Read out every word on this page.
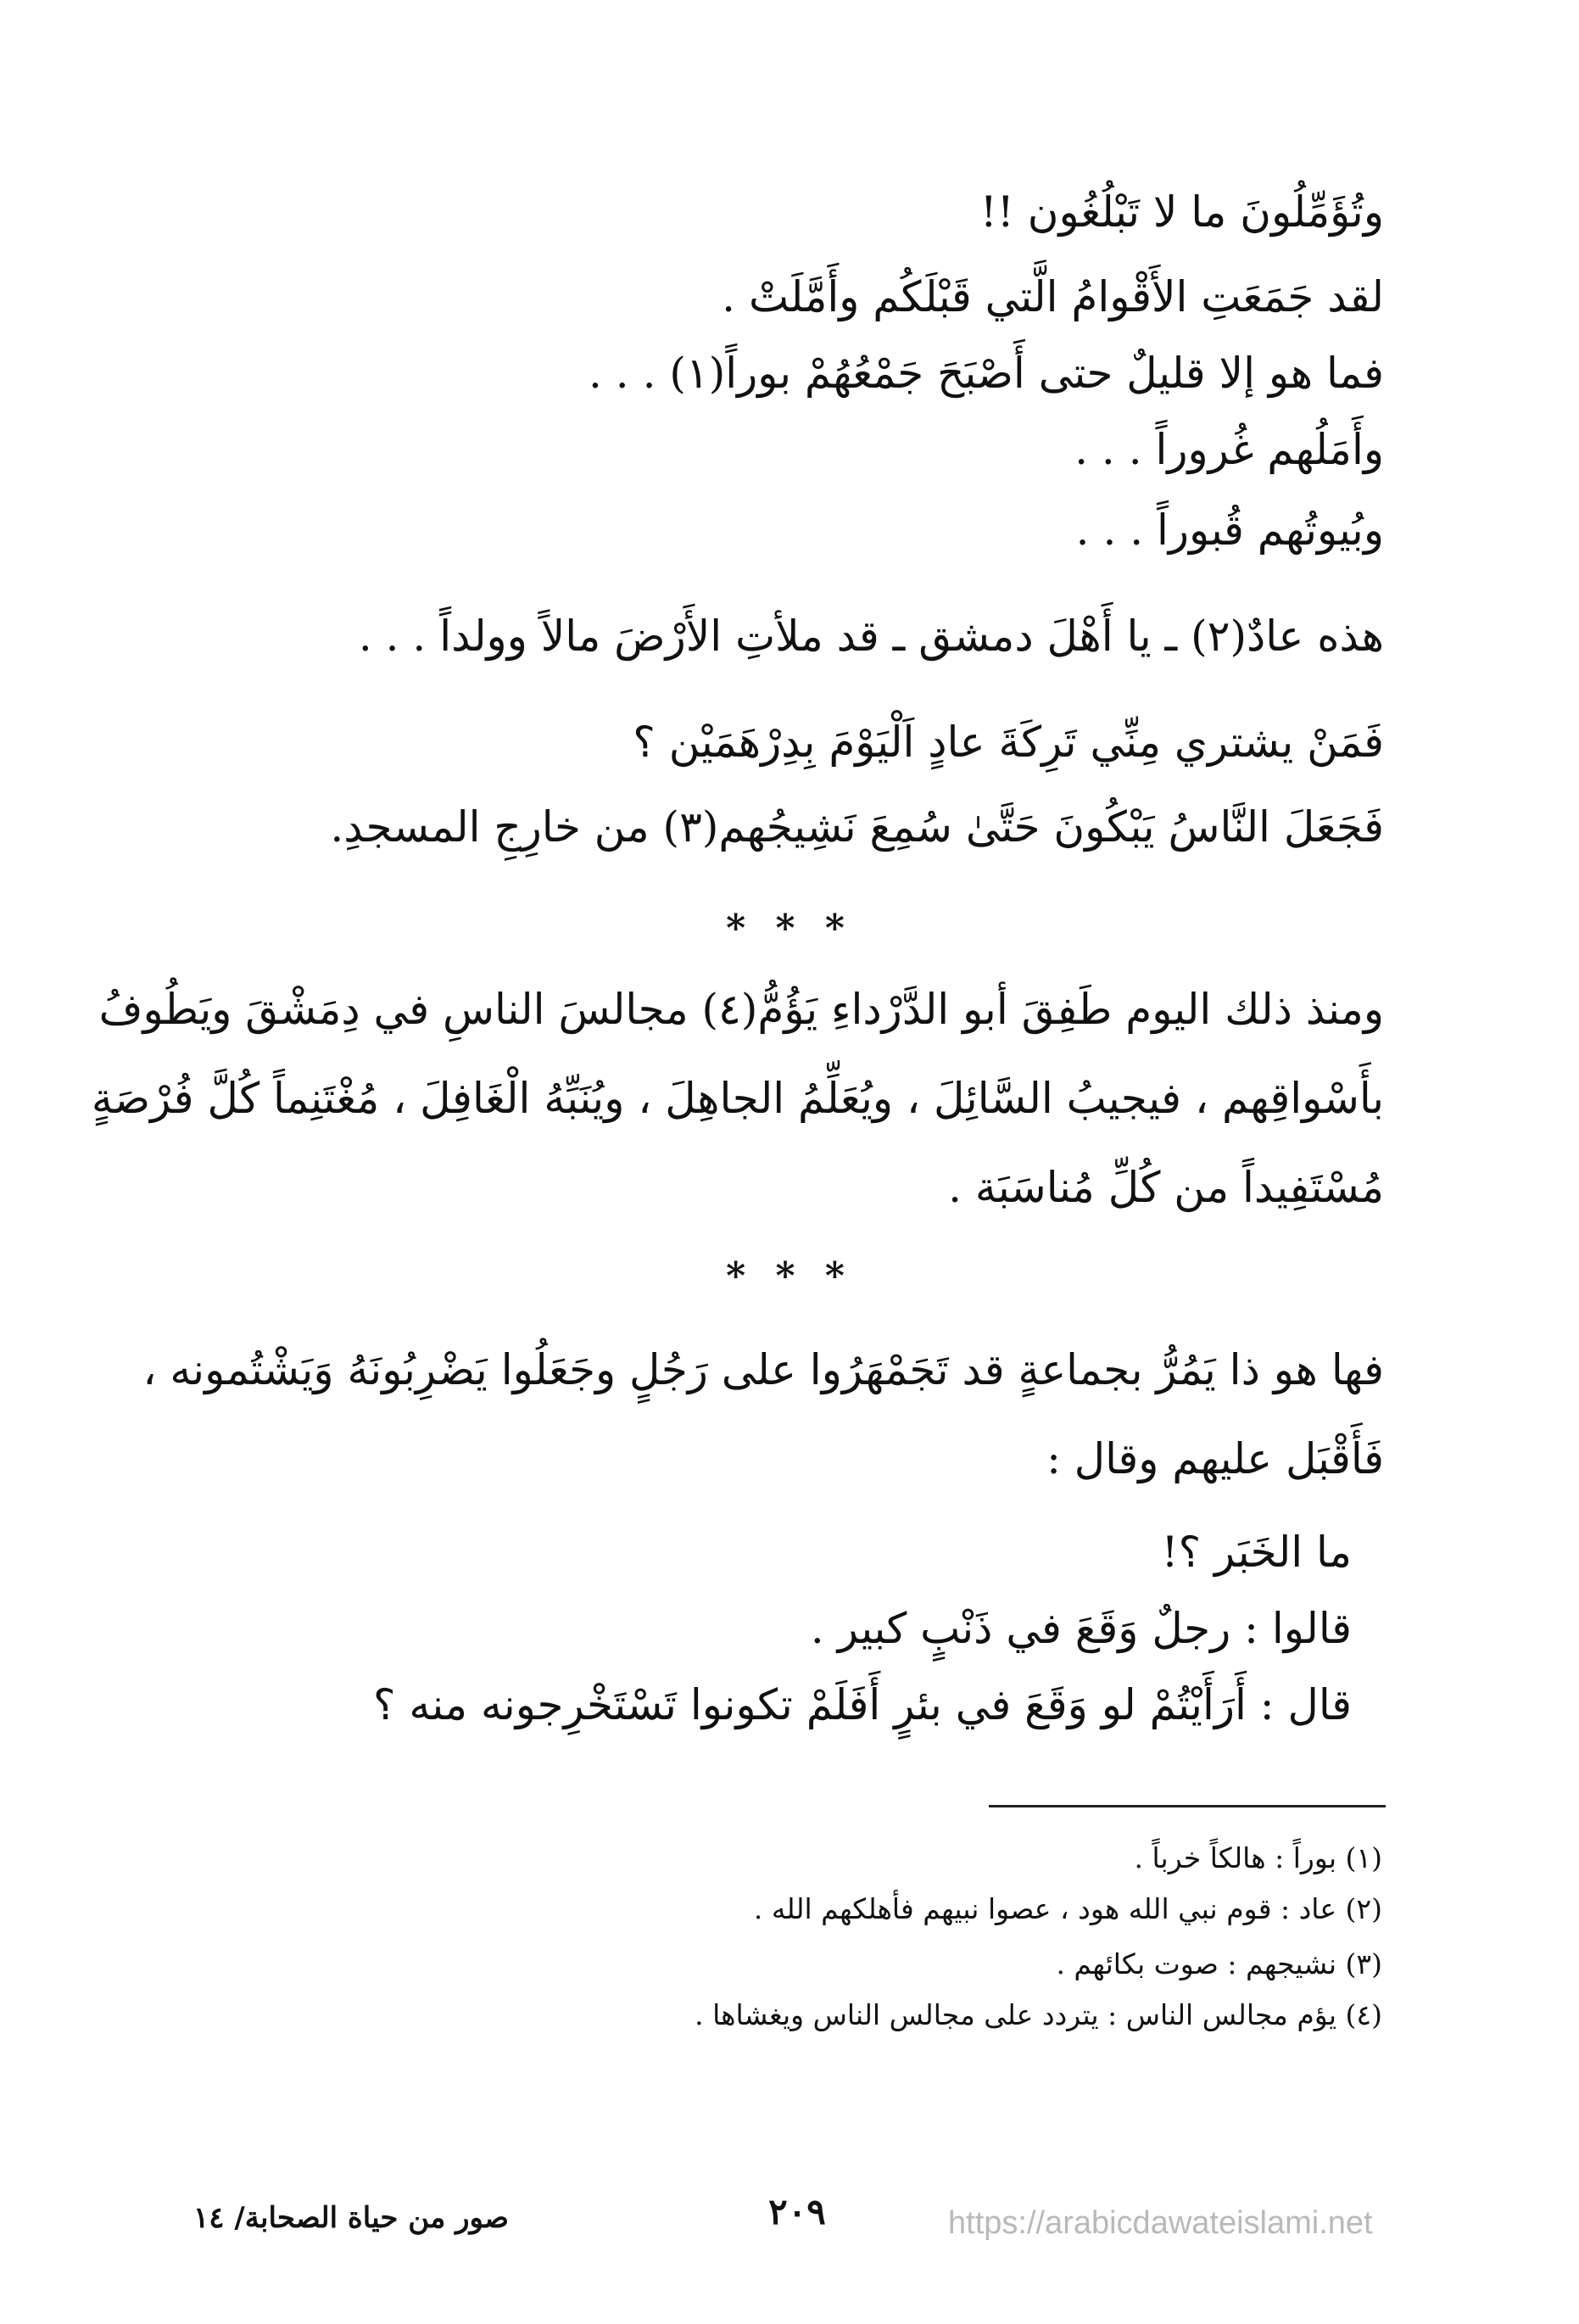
وتُؤَمِّلُونَ ما لا تَبْلُغُون !!
لقد جَمَعَتِ الأَقْوامُ الَّتي قَبْلَكُم وأَمَّلَتْ .
فما هو إلا قليلٌ حتى أَصْبَحَ جَمْعُهُمْ بوراً(١) . . .
وأَمَلُهم غُروراً . . .
وبُيوتُهم قُبوراً . . .
هذه عادٌ(٢) ـ يا أَهْلَ دمشق ـ قد ملأتِ الأَرْضَ مالاً وولداً . . .
فَمَنْ يشتري مِنِّي تَرِكَةَ عادٍ اَلْيَوْمَ بِدِرْهَمَيْن ؟
فَجَعَلَ النَّاسُ يَبْكُونَ حَتَّىٰ سُمِعَ نَشِيجُهم(٣) من خارِجِ المسجدِ.
* * *
ومنذ ذلك اليوم طَفِقَ أبو الدَّرْداءِ يَؤُمُّ(٤) مجالسَ الناسِ في دِمَشْقَ ويَطُوفُ
بأَسْواقِهم ، فيجيبُ السَّائِلَ ، ويُعَلِّمُ الجاهِلَ ، ويُنَبِّهُ الْغَافِلَ ، مُغْتَنِماً كُلَّ فُرْصَةٍ
مُسْتَفِيداً من كُلِّ مُناسَبَة .
* * *
فها هو ذا يَمُرُّ بجماعةٍ قد تَجَمْهَرُوا على رَجُلٍ وجَعَلُوا يَضْرِبُونَهُ وَيَشْتُمونه ،
فَأَقْبَل عليهم وقال :
ما الخَبَر ؟!
قالوا : رجلٌ وَقَعَ في ذَنْبٍ كبير .
قال : أَرَأَيْتُمْ لو وَقَعَ في بئرٍ أَفَلَمْ تكونوا تَسْتَخْرِجونه منه ؟
(١) بوراً : هالكاً خرباً .
(٢) عاد : قوم نبي الله هود ، عصوا نبيهم فأهلكهم الله .
(٣) نشيجهم : صوت بكائهم .
(٤) يؤم مجالس الناس : يتردد على مجالس الناس ويغشاها .
صور من حياة الصحابة/ ١٤	٢٠٩	https://arabicdawateislami.net
